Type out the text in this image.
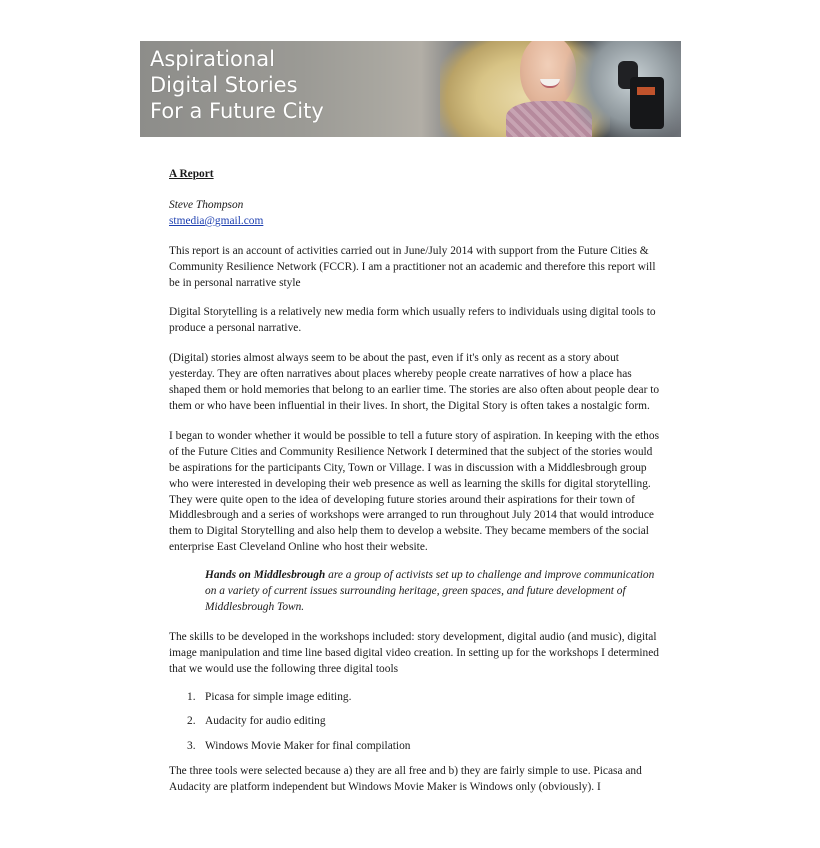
Aspirational
Digital Stories
For a Future City

A Report

Steve Thompson

stmedia@gmail.com

This report is an account of activities carried out in June/July 2014 with support from the Future Cities & Community Resilience Network (FCCR). I am a practitioner not an academic and therefore this report will be in personal narrative style

Digital Storytelling is a relatively new media form which usually refers to individuals using digital tools to produce a personal narrative.

(Digital) stories almost always seem to be about the past, even if it's only as recent as a story about yesterday. They are often narratives about places whereby people create narratives of how a place has shaped them or hold memories that belong to an earlier time. The stories are also often about people dear to them or who have been influential in their lives. In short, the Digital Story is often takes a nostalgic form.

I began to wonder whether it would be possible to tell a future story of aspiration. In keeping with the ethos of the Future Cities and Community Resilience Network I determined that the subject of the stories would be aspirations for the participants City, Town or Village. I was in discussion with a Middlesbrough group who were interested in developing their web presence as well as learning the skills for digital storytelling. They were quite open to the idea of developing future stories around their aspirations for their town of Middlesbrough and a series of workshops were arranged to run throughout July 2014 that would introduce them to Digital Storytelling and also help them to develop a website. They became members of the social enterprise East Cleveland Online who host their website.

Hands on Middlesbrough are a group of activists set up to challenge and improve communication on a variety of current issues surrounding heritage, green spaces, and future development of Middlesbrough Town.

The skills to be developed in the workshops included: story development, digital audio (and music), digital image manipulation and time line based digital video creation. In setting up for the workshops I determined that we would use the following three digital tools

1. Picasa for simple image editing.
2. Audacity for audio editing
3. Windows Movie Maker for final compilation

The three tools were selected because a) they are all free and b) they are fairly simple to use. Picasa and Audacity are platform independent but Windows Movie Maker is Windows only (obviously). I
